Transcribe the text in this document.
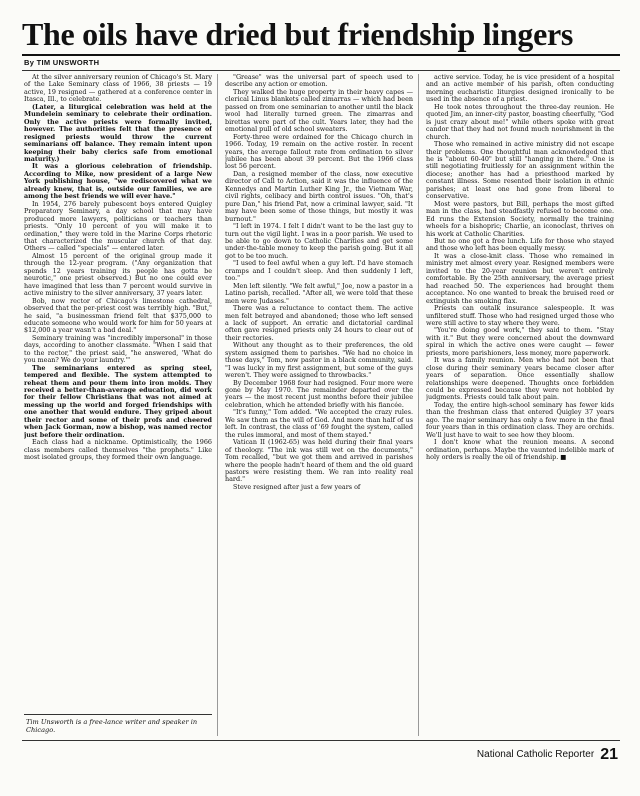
The oils have dried but friendship lingers
By TIM UNSWORTH

At the silver anniversary reunion of Chicago's St. Mary of the Lake Seminary class of 1966, 38 priests — 19 active, 19 resigned — gathered at a conference center in Itasca, Ill., to celebrate.

(Later, a liturgical celebration was held at the Mundelein seminary to celebrate their ordination. Only the active priests were formally invited, however. The authorities felt that the presence of resigned priests would throw the current seminarians off balance. They remain intent upon keeping their baby clerics safe from emotional maturity.)

It was a glorious celebration of friendship. According to Mike, now president of a large New York publishing house, "we rediscovered what we already knew, that is, outside our families, we are among the best friends we will ever have."

In 1954, 276 barely pubescent boys entered Quigley Preparatory Seminary, a day school that may have produced more lawyers, politicians or teachers than priests. "Only 10 percent of you will make it to ordination," they were told in the Marine Corps rhetoric that characterized the muscular church of that day. Others — called "specials" — entered later.

Almost 15 percent of the original group made it through the 12-year program. ("Any organization that spends 12 years training its people has gotta be neurotic," one priest observed.) But no one could ever have imagined that less than 7 percent would survive in active ministry to the silver anniversary, 37 years later.

Bob, now rector of Chicago's limestone cathedral, observed that the per-priest cost was terribly high. "But," he said, "a businessman friend felt that $375,000 to educate someone who would work for him for 50 years at $12,000 a year wasn't a bad deal."

Seminary training was "incredibly impersonal" in those days, according to another classmate. "When I said that to the rector," the priest said, "he answered, 'What do you mean? We do your laundry.'"

The seminarians entered as spring steel, tempered and flexible. The system attempted to reheat them and pour them into iron molds. They received a better-than-average education, did work for their fellow Christians that was not aimed at messing up the world and forged friendships with one another that would endure. They griped about their rector and some of their profs and cheered when Jack Gorman, now a bishop, was named rector just before their ordination.

Each class had a nickname. Optimistically, the 1966 class members called themselves "the prophets." Like most isolated groups, they formed their own language.

"Grease" was the universal part of speech used to describe any action or emotion.

They walked the huge property in their heavy capes — clerical Linus blankets called zimarras — which had been passed on from one seminarian to another until the black wool had literally turned green. The zimarras and birettas were part of the cult. Years later, they had the emotional pull of old school sweaters.

Forty-three were ordained for the Chicago church in 1966. Today, 19 remain on the active roster. In recent years, the average fallout rate from ordination to silver jubilee has been about 39 percent. But the 1966 class lost 56 percent.

Dan, a resigned member of the class, now executive director of Call to Action, said it was the influence of the Kennedys and Martin Luther King Jr., the Vietnam War, civil rights, celibacy and birth control issues. "Oh, that's pure Dan," his friend Pat, now a criminal lawyer, said. "It may have been some of those things, but mostly it was burnout."

"I left in 1974. I felt I didn't want to be the last guy to turn out the vigil light. I was in a poor parish. We used to be able to go down to Catholic Charities and get some under-the-table money to keep the parish going. But it all got to be too much.

"I used to feel awful when a guy left. I'd have stomach cramps and I couldn't sleep. And then suddenly I left, too."

Men left silently. "We felt awful," Joe, now a pastor in a Latino parish, recalled. "After all, we were told that these men were Judases."

There was a reluctance to contact them. The active men felt betrayed and abandoned; those who left sensed a lack of support. An erratic and dictatorial cardinal often gave resigned priests only 24 hours to clear out of their rectories.

Without any thought as to their preferences, the old system assigned them to parishes. "We had no choice in those days," Tom, now pastor in a black community, said. "I was lucky in my first assignment, but some of the guys weren't. They were assigned to throwbacks."

By December 1968 four had resigned. Four more were gone by May 1970. The remainder departed over the years — the most recent just months before their jubilee celebration, which he attended briefly with his fiancée.

"It's funny," Tom added. "We accepted the crazy rules. We saw them as the will of God. And more than half of us left. In contrast, the class of '69 fought the system, called the rules immoral, and most of them stayed."

Vatican II (1962-65) was held during their final years of theology. "The ink was still wet on the documents," Tom recalled, "but we got them and arrived in parishes where the people hadn't heard of them and the old guard pastors were resisting them. We ran into reality real hard."

Steve resigned after just a few years of

active service. Today, he is vice president of a hospital and an active member of his parish, often conducting morning eucharistic liturgies designed ironically to be used in the absence of a priest.

He took notes throughout the three-day reunion. He quoted Jim, an inner-city pastor, boasting cheerfully, "God is just crazy about me!" while others spoke with great candor that they had not found much nourishment in the church.

Those who remained in active ministry did not escape their problems. One thoughtful man acknowledged that he is "about 60-40" but still "hanging in there." One is still negotiating fruitlessly for an assignment within the diocese; another has had a priesthood marked by constant illness. Some resented their isolation in ethnic parishes; at least one had gone from liberal to conservative.

Most were pastors, but Bill, perhaps the most gifted man in the class, had steadfastly refused to become one. Ed runs the Extension Society, normally the training wheels for a bishopric; Charlie, an iconoclast, thrives on his work at Catholic Charities.

But no one got a free lunch. Life for those who stayed and those who left has been equally messy.

It was a close-knit class. Those who remained in ministry met almost every year. Resigned members were invited to the 20-year reunion but weren't entirely comfortable. By the 25th anniversary, the average priest had reached 50. The experiences had brought them acceptance. No one wanted to break the bruised reed or extinguish the smoking flax.

Priests can outalk insurance salespeople. It was unfiltered stuff. Those who had resigned urged those who were still active to stay where they were.

"You're doing good work," they said to them. "Stay with it." But they were concerned about the downward spiral in which the active ones were caught — fewer priests, more parishioners, less money, more paperwork.

It was a family reunion. Men who had not been that close during their seminary years became closer after years of separation. Once essentially shallow relationships were deepened. Thoughts once forbidden could be expressed because they were not hobbled by judgments. Priests could talk about pain.

Today, the entire high-school seminary has fewer kids than the freshman class that entered Quigley 37 years ago. The major seminary has only a few more in the final four years than in this ordination class. They are orchids. We'll just have to wait to see how they bloom.

I don't know what the reunion means. A second ordination, perhaps. Maybe the vaunted indelible mark of holy orders is really the oil of friendship. ■

Tim Unsworth is a free-lance writer and speaker in Chicago.
National Catholic Reporter 21
